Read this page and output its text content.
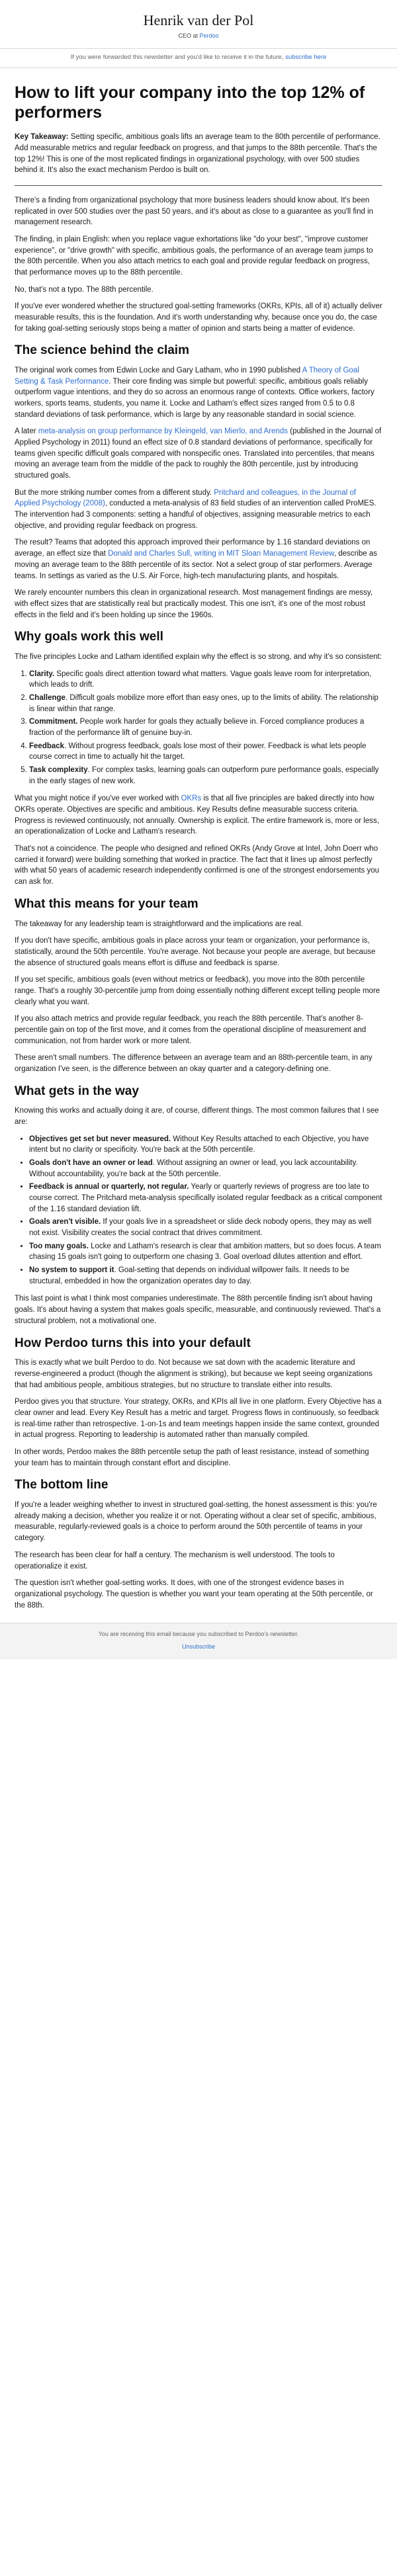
Henrik van der Pol
CEO at Perdoo
If you were forwarded this newsletter and you'd like to receive it in the future, subscribe here
How to lift your company into the top 12% of performers

Key Takeaway: Setting specific, ambitious goals lifts an average team to the 80th percentile of performance. Add measurable metrics and regular feedback on progress, and that jumps to the 88th percentile. That's the top 12%! This is one of the most replicated findings in organizational psychology, with over 500 studies behind it. It's also the exact mechanism Perdoo is built on.

There's a finding from organizational psychology that more business leaders should know about. It's been replicated in over 500 studies over the past 50 years, and it's about as close to a guarantee as you'll find in management research.

The finding, in plain English: when you replace vague exhortations like "do your best", "improve customer experience", or "drive growth" with specific, ambitious goals, the performance of an average team jumps to the 80th percentile. When you also attach metrics to each goal and provide regular feedback on progress, that performance moves up to the 88th percentile.

No, that's not a typo. The 88th percentile.

If you've ever wondered whether the structured goal-setting frameworks (OKRs, KPIs, all of it) actually deliver measurable results, this is the foundation. And it's worth understanding why, because once you do, the case for taking goal-setting seriously stops being a matter of opinion and starts being a matter of evidence.

The science behind the claim

The original work comes from Edwin Locke and Gary Latham, who in 1990 published A Theory of Goal Setting & Task Performance. Their core finding was simple but powerful: specific, ambitious goals reliably outperform vague intentions, and they do so across an enormous range of contexts. Office workers, factory workers, sports teams, students, you name it. Locke and Latham's effect sizes ranged from 0.5 to 0.8 standard deviations of task performance, which is large by any reasonable standard in social science.

A later meta-analysis on group performance by Kleingeld, van Mierlo, and Arends (published in the Journal of Applied Psychology in 2011) found an effect size of 0.8 standard deviations of performance, specifically for teams given specific difficult goals compared with nonspecific ones. Translated into percentiles, that means moving an average team from the middle of the pack to roughly the 80th percentile, just by introducing structured goals.

But the more striking number comes from a different study. Pritchard and colleagues, in the Journal of Applied Psychology (2008), conducted a meta-analysis of 83 field studies of an intervention called ProMES. The intervention had 3 components: setting a handful of objectives, assigning measurable metrics to each objective, and providing regular feedback on progress.

The result? Teams that adopted this approach improved their performance by 1.16 standard deviations on average, an effect size that Donald and Charles Sull, writing in MIT Sloan Management Review, describe as moving an average team to the 88th percentile of its sector. Not a select group of star performers. Average teams. In settings as varied as the U.S. Air Force, high-tech manufacturing plants, and hospitals.

We rarely encounter numbers this clean in organizational research. Most management findings are messy, with effect sizes that are statistically real but practically modest. This one isn't, it's one of the most robust effects in the field and it's been holding up since the 1960s.

Why goals work this well

The five principles Locke and Latham identified explain why the effect is so strong, and why it's so consistent:

1. Clarity. Specific goals direct attention toward what matters. Vague goals leave room for interpretation, which leads to drift.
2. Challenge. Difficult goals mobilize more effort than easy ones, up to the limits of ability. The relationship is linear within that range.
3. Commitment. People work harder for goals they actually believe in. Forced compliance produces a fraction of the performance lift of genuine buy-in.
4. Feedback. Without progress feedback, goals lose most of their power. Feedback is what lets people course correct in time to actually hit the target.
5. Task complexity. For complex tasks, learning goals can outperform pure performance goals, especially in the early stages of new work.

What you might notice if you've ever worked with OKRs is that all five principles are baked directly into how OKRs operate. Objectives are specific and ambitious. Key Results define measurable success criteria. Progress is reviewed continuously, not annually. Ownership is explicit. The entire framework is, more or less, an operationalization of Locke and Latham's research.

That's not a coincidence. The people who designed and refined OKRs (Andy Grove at Intel, John Doerr who carried it forward) were building something that worked in practice. The fact that it lines up almost perfectly with what 50 years of academic research independently confirmed is one of the strongest endorsements you can ask for.

What this means for your team

The takeaway for any leadership team is straightforward and the implications are real.

If you don't have specific, ambitious goals in place across your team or organization, your performance is, statistically, around the 50th percentile. You're average. Not because your people are average, but because the absence of structured goals means effort is diffuse and feedback is sparse.

If you set specific, ambitious goals (even without metrics or feedback), you move into the 80th percentile range. That's a roughly 30-percentile jump from doing essentially nothing different except telling people more clearly what you want.

If you also attach metrics and provide regular feedback, you reach the 88th percentile. That's another 8-percentile gain on top of the first move, and it comes from the operational discipline of measurement and communication, not from harder work or more talent.

These aren't small numbers. The difference between an average team and an 88th-percentile team, in any organization I've seen, is the difference between an okay quarter and a category-defining one.

What gets in the way

Knowing this works and actually doing it are, of course, different things. The most common failures that I see are:

• Objectives get set but never measured. Without Key Results attached to each Objective, you have intent but no clarity or specificity. You're back at the 50th percentile.
• Goals don't have an owner or lead. Without assigning an owner or lead, you lack accountability. Without accountability, you're back at the 50th percentile.
• Feedback is annual or quarterly, not regular. Yearly or quarterly reviews of progress are too late to course correct. The Pritchard meta-analysis specifically isolated regular feedback as a critical component of the 1.16 standard deviation lift.
• Goals aren't visible. If your goals live in a spreadsheet or slide deck nobody opens, they may as well not exist. Visibility creates the social contract that drives commitment.
• Too many goals. Locke and Latham's research is clear that ambition matters, but so does focus. A team chasing 15 goals isn't going to outperform one chasing 3. Goal overload dilutes attention and effort.
• No system to support it. Goal-setting that depends on individual willpower fails. It needs to be structural, embedded in how the organization operates day to day.

This last point is what I think most companies underestimate. The 88th percentile finding isn't about having goals. It's about having a system that makes goals specific, measurable, and continuously reviewed. That's a structural problem, not a motivational one.

How Perdoo turns this into your default

This is exactly what we built Perdoo to do. Not because we sat down with the academic literature and reverse-engineered a product (though the alignment is striking), but because we kept seeing organizations that had ambitious people, ambitious strategies, but no structure to translate either into results.

Perdoo gives you that structure. Your strategy, OKRs, and KPIs all live in one platform. Every Objective has a clear owner and lead. Every Key Result has a metric and target. Progress flows in continuously, so feedback is real-time rather than retrospective. 1-on-1s and team meetings happen inside the same context, grounded in actual progress. Reporting to leadership is automated rather than manually compiled.

In other words, Perdoo makes the 88th percentile setup the path of least resistance, instead of something your team has to maintain through constant effort and discipline.

The bottom line

If you're a leader weighing whether to invest in structured goal-setting, the honest assessment is this: you're already making a decision, whether you realize it or not. Operating without a clear set of specific, ambitious, measurable, regularly-reviewed goals is a choice to perform around the 50th percentile of teams in your category.

The research has been clear for half a century. The mechanism is well understood. The tools to operationalize it exist.

The question isn't whether goal-setting works. It does, with one of the strongest evidence bases in organizational psychology. The question is whether you want your team operating at the 50th percentile, or the 88th.

You are receiving this email because you subscribed to Perdoo's newsletter.
Unsubscribe
